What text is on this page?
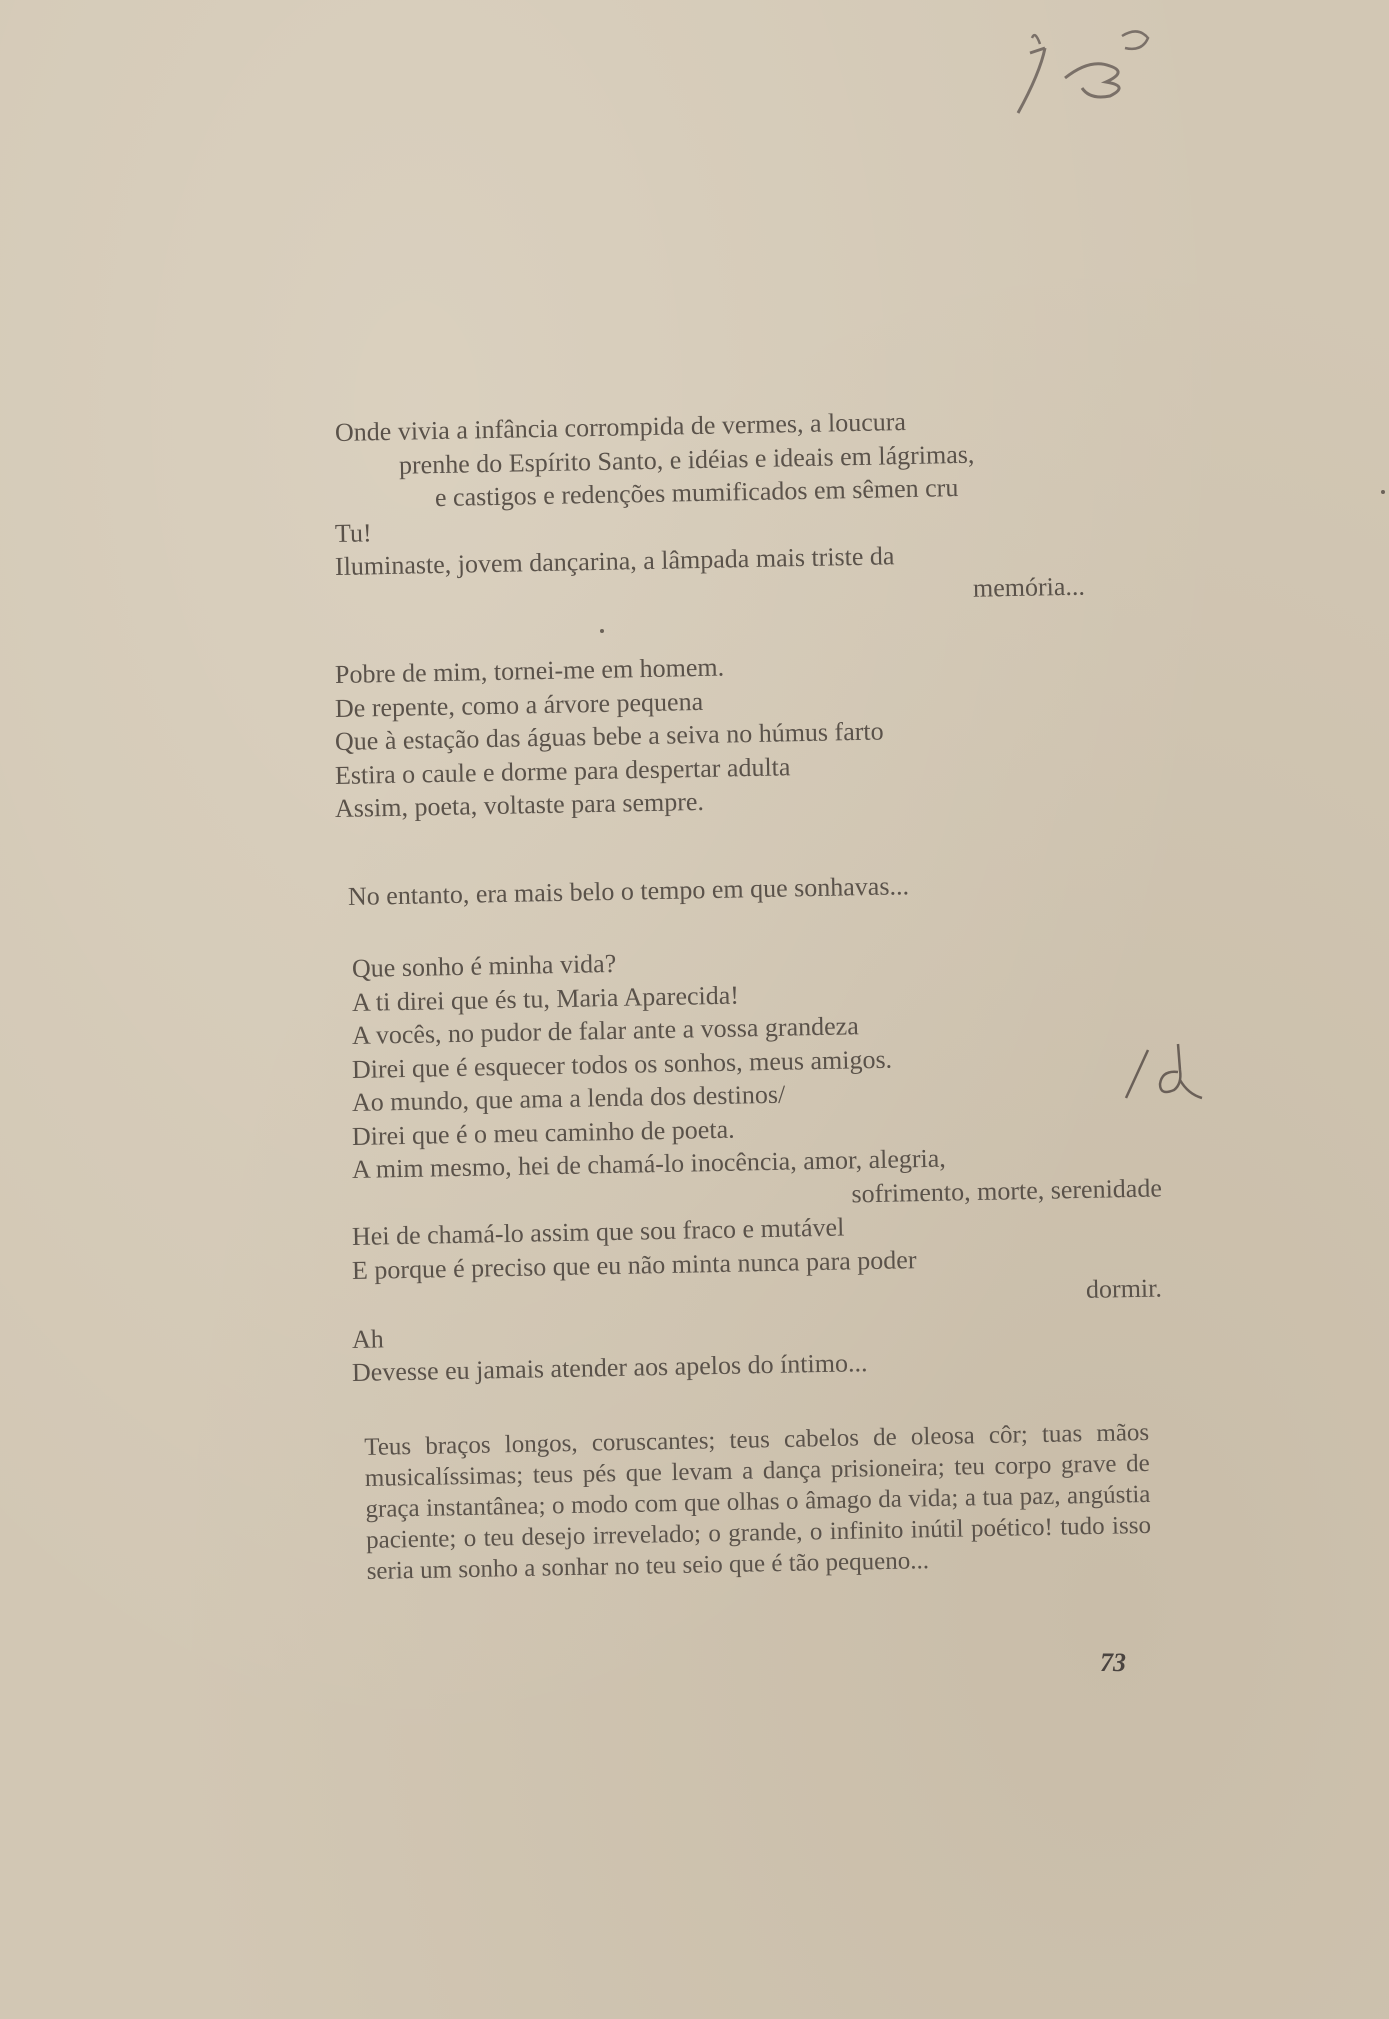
Onde vivia a infância corrompida de vermes, a loucura
prenhe do Espírito Santo, e idéias e ideais em lágrimas,
e castigos e redenções mumificados em sêmen cru
Tu!
Iluminaste, jovem dançarina, a lâmpada mais triste da
memória...
Pobre de mim, tornei-me em homem.
De repente, como a árvore pequena
Que à estação das águas bebe a seiva no húmus farto
Estira o caule e dorme para despertar adulta
Assim, poeta, voltaste para sempre.
No entanto, era mais belo o tempo em que sonhavas...
Que sonho é minha vida?
A ti direi que és tu, Maria Aparecida!
A vocês, no pudor de falar ante a vossa grandeza
Direi que é esquecer todos os sonhos, meus amigos.
Ao mundo, que ama a lenda dos destinos/
Direi que é o meu caminho de poeta.
A mim mesmo, hei de chamá-lo inocência, amor, alegria,
sofrimento, morte, serenidade
Hei de chamá-lo assim que sou fraco e mutável
E porque é preciso que eu não minta nunca para poder
dormir.
Ah
Devesse eu jamais atender aos apelos do íntimo...
Teus braços longos, coruscantes; teus cabelos de oleosa côr; tuas mãos musicalíssimas; teus pés que levam a dança prisioneira; teu corpo grave de graça instantânea; o modo com que olhas o âmago da vida; a tua paz, angústia paciente; o teu desejo irrevelado; o grande, o infinito inútil poético! tudo isso seria um sonho a sonhar no teu seio que é tão pequeno...
73
